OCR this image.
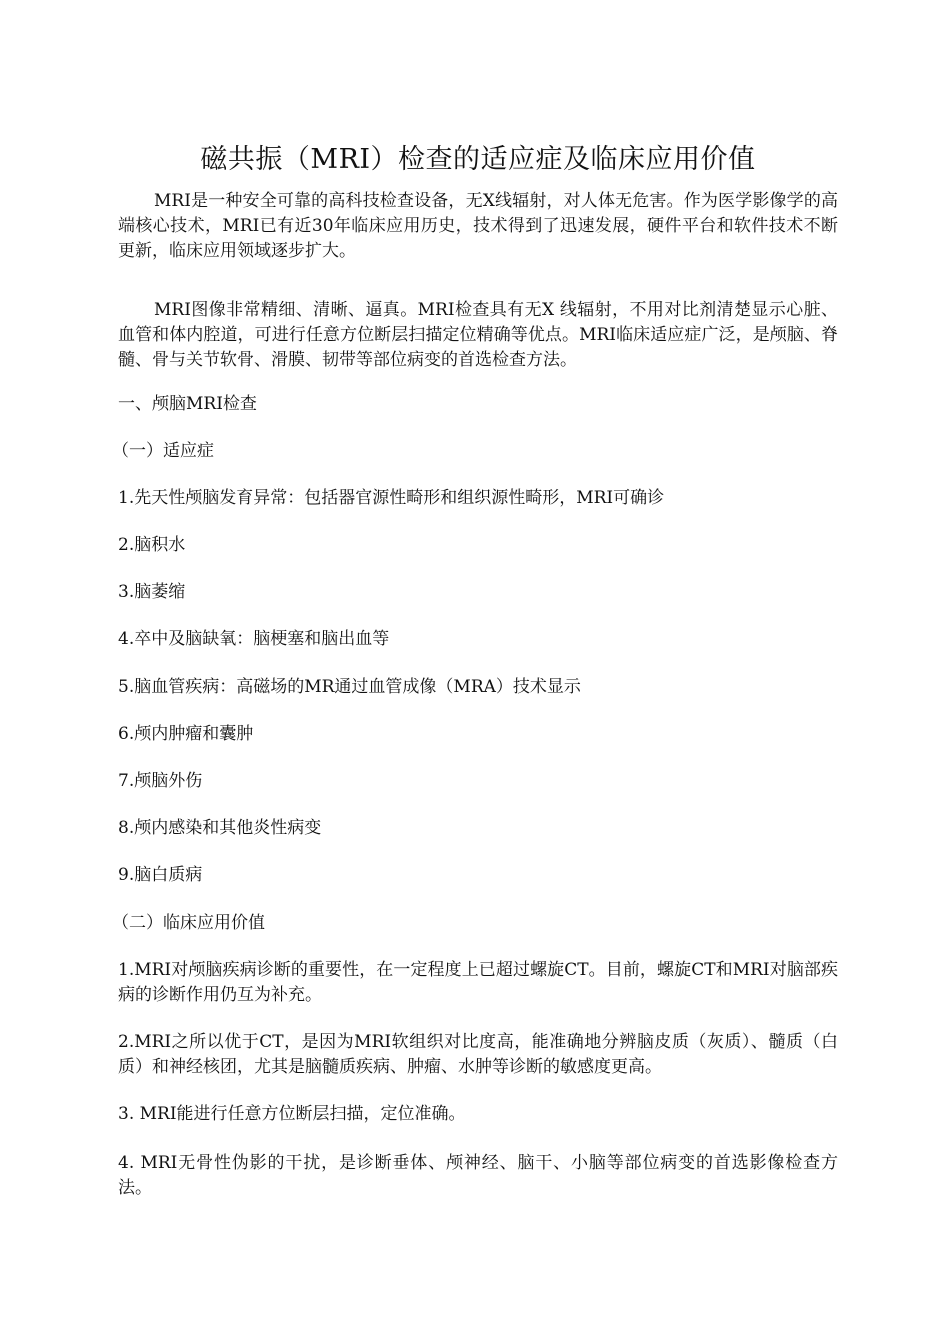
磁共振（MRI）检查的适应症及临床应用价值

MRI是一种安全可靠的高科技检查设备，无X线辐射，对人体无危害。作为医学影像学的高端核心技术，MRI已有近30年临床应用历史，技术得到了迅速发展，硬件平台和软件技术不断更新，临床应用领域逐步扩大。

MRI图像非常精细、清晰、逼真。MRI检查具有无X 线辐射，不用对比剂清楚显示心脏、血管和体内腔道，可进行任意方位断层扫描定位精确等优点。MRI临床适应症广泛，是颅脑、脊髓、骨与关节软骨、滑膜、韧带等部位病变的首选检查方法。

一、颅脑MRI检查
（一）适应症
1.先天性颅脑发育异常：包括器官源性畸形和组织源性畸形，MRI可确诊
2.脑积水
3.脑萎缩
4.卒中及脑缺氧：脑梗塞和脑出血等
5.脑血管疾病：高磁场的MR通过血管成像（MRA）技术显示
6.颅内肿瘤和囊肿
7.颅脑外伤
8.颅内感染和其他炎性病变
9.脑白质病
（二）临床应用价值
1.MRI对颅脑疾病诊断的重要性，在一定程度上已超过螺旋CT。目前，螺旋CT和MRI对脑部疾病的诊断作用仍互为补充。
2.MRI之所以优于CT，是因为MRI软组织对比度高，能准确地分辨脑皮质（灰质）、髓质（白质）和神经核团，尤其是脑髓质疾病、肿瘤、水肿等诊断的敏感度更高。
3. MRI能进行任意方位断层扫描，定位准确。
4. MRI无骨性伪影的干扰，是诊断垂体、颅神经、脑干、小脑等部位病变的首选影像检查方法。
